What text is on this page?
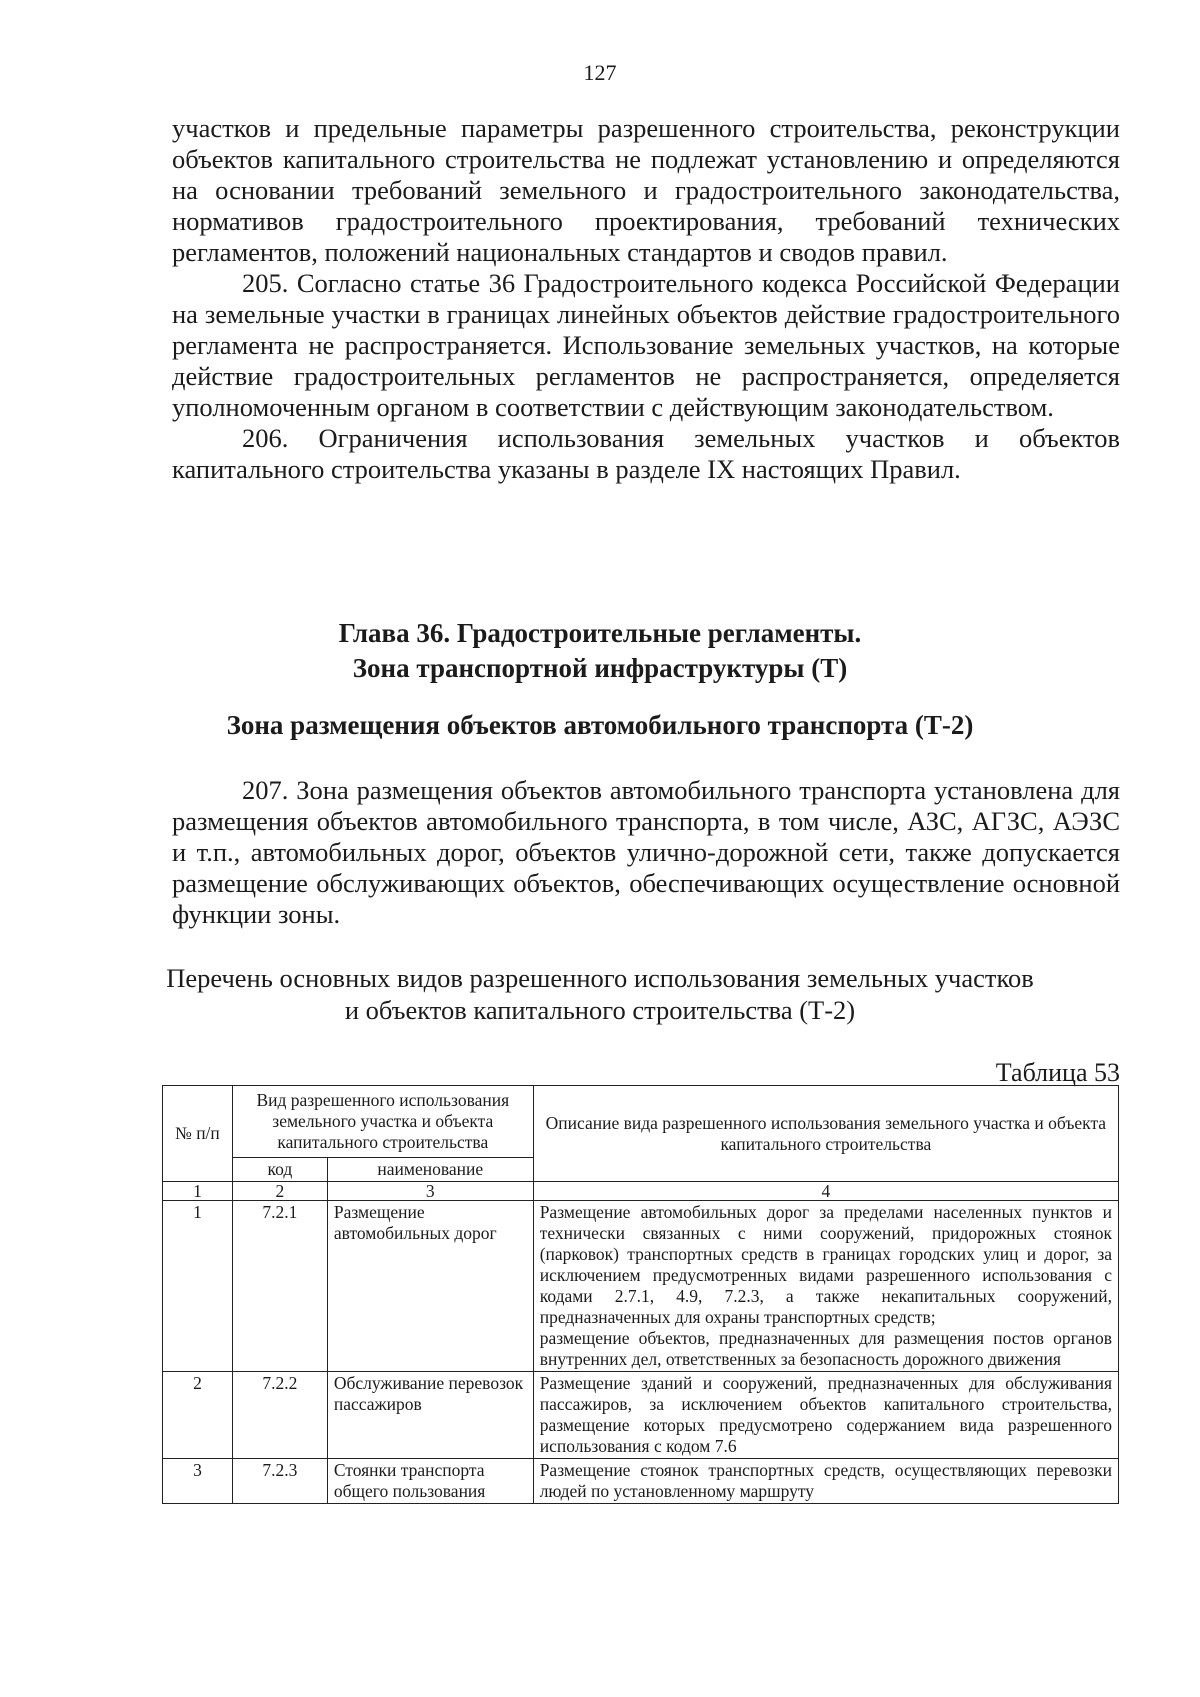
127

участков и предельные параметры разрешенного строительства, реконструкции объектов капитального строительства не подлежат установлению и определяются на основании требований земельного и градостроительного законодательства, нормативов градостроительного проектирования, требований технических регламентов, положений национальных стандартов и сводов правил.

205. Согласно статье 36 Градостроительного кодекса Российской Федерации на земельные участки в границах линейных объектов действие градостроительного регламента не распространяется. Использование земельных участков, на которые действие градостроительных регламентов не распространяется, определяется уполномоченным органом в соответствии с действующим законодательством.

206. Ограничения использования земельных участков и объектов капитального строительства указаны в разделе IX настоящих Правил.

Глава 36. Градостроительные регламенты.
Зона транспортной инфраструктуры (Т)
Зона размещения объектов автомобильного транспорта (Т-2)

207. Зона размещения объектов автомобильного транспорта установлена для размещения объектов автомобильного транспорта, в том числе, АЗС, АГЗС, АЭЗС и т.п., автомобильных дорог, объектов улично-дорожной сети, также допускается размещение обслуживающих объектов, обеспечивающих осуществление основной функции зоны.

Перечень основных видов разрешенного использования земельных участков
и объектов капитального строительства (Т-2)
Таблица 53
№ п/п	Вид разрешенного использования земельного участка и объекта капитального строительства		Описание вида разрешенного использования земельного участка и объекта капитального строительства
	код	наименование	
1	2	3	4
1	7.2.1	Размещение автомобильных дорог	Размещение автомобильных дорог за пределами населенных пунктов и технически связанных с ними сооружений, придорожных стоянок (парковок) транспортных средств в границах городских улиц и дорог, за исключением предусмотренных видами разрешенного использования с кодами 2.7.1, 4.9, 7.2.3, а также некапитальных сооружений, предназначенных для охраны транспортных средств;
размещение объектов, предназначенных для размещения постов органов внутренних дел, ответственных за безопасность дорожного движения

2	7.2.2	Обслуживание перевозок пассажиров	Размещение зданий и сооружений, предназначенных для обслуживания пассажиров, за исключением объектов капитального строительства, размещение которых предусмотрено содержанием вида разрешенного использования с кодом 7.6
3	7.2.3	Стоянки транспорта общего пользования	Размещение стоянок транспортных средств, осуществляющих перевозки людей по установленному маршруту
